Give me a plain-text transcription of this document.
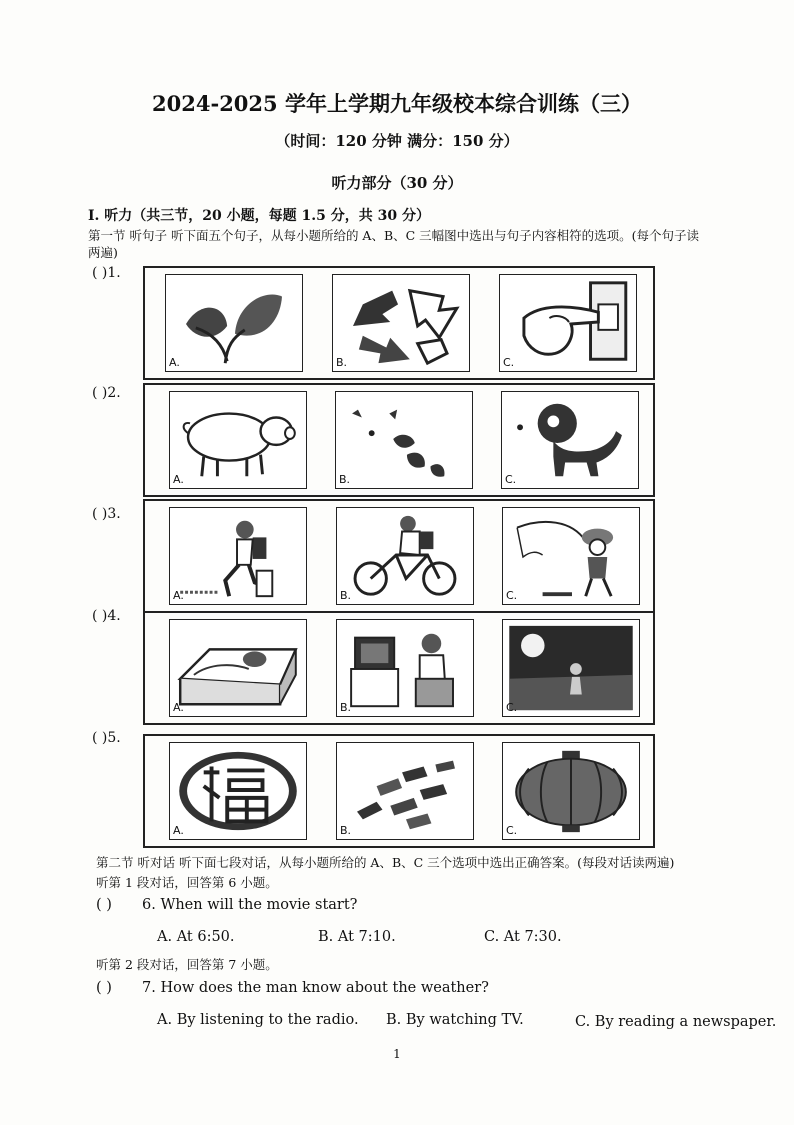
2024-2025 学年上学期九年级校本综合训练（三）
（时间：120 分钟 满分：150 分）
听力部分（30 分）
I. 听力（共三节，20 小题，每题 1.5 分，共 30 分）
第一节 听句子 听下面五个句子，从每小题所给的 A、B、C 三幅图中选出与句子内容相符的选项。(每个句子读
两遍)
( )1.
A.	B.	C.
( )2.
A.	B.	C.
( )3.
A.	B.	C.
( )4.
A.	B.	C.
( )5.
A.	B.	C.
第二节 听对话 听下面七段对话，从每小题所给的 A、B、C 三个选项中选出正确答案。(每段对话读两遍)
听第 1 段对话，回答第 6 小题。
( ) 6. When will the movie start?
A. At 6:50.	B. At 7:10.	C. At 7:30.
听第 2 段对话，回答第 7 小题。
( ) 7. How does the man know about the weather?
A. By listening to the radio. B. By watching TV.	C. By reading a newspaper.
1
